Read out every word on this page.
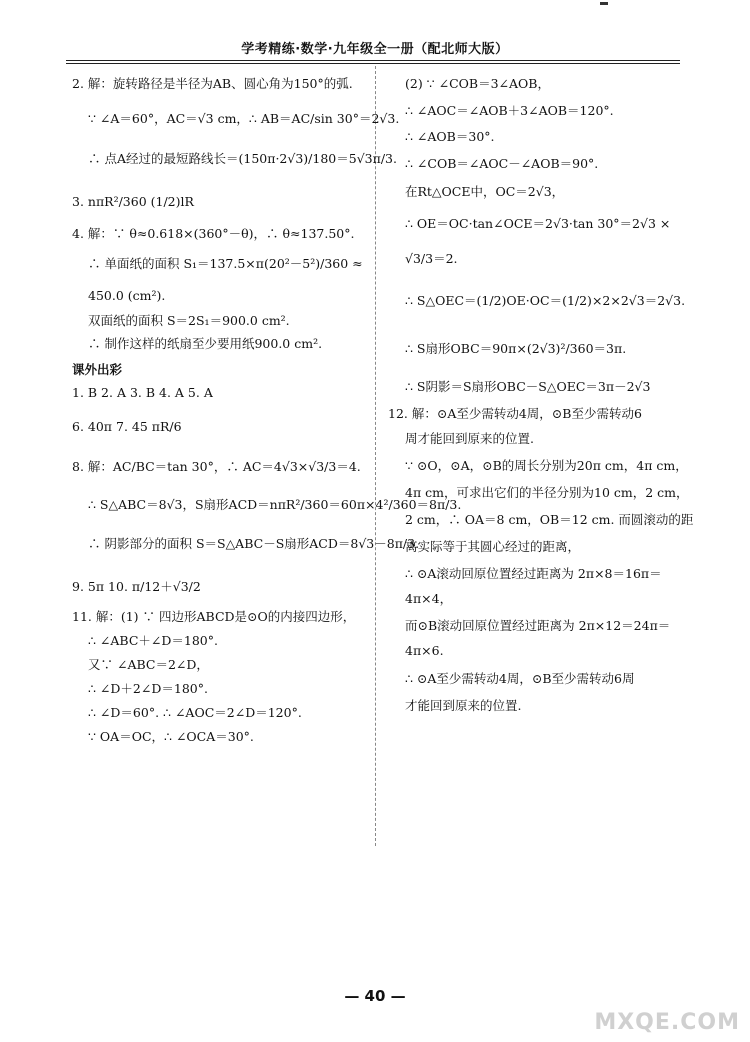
学考精练·数学·九年级全一册（配北师大版）
2. 解：旋转路径是半径为AB、圆心角为150°的弧.
∵ ∠A＝60°，AC＝√3 cm，∴ AB＝AC/sin 30°＝2√3.
∴ 点A经过的最短路线长＝(150π·2√3)/180＝5√3π/3.
3. nπR²/360 (1/2)lR
4. 解：∵ θ≈0.618×(360°－θ)，∴ θ≈137.50°.
∴ 单面纸的面积 S₁＝137.5×π(20²－5²)/360 ≈
450.0 (cm²).
双面纸的面积 S＝2S₁＝900.0 cm².
∴ 制作这样的纸扇至少要用纸900.0 cm².
课外出彩
1. B 2. A 3. B 4. A 5. A
6. 40π 7. 45 πR/6
8. 解：AC/BC＝tan 30°，∴ AC＝4√3×√3/3＝4.
∴ S△ABC＝8√3，S扇形ACD＝nπR²/360＝60π×4²/360＝8π/3.
∴ 阴影部分的面积 S＝S△ABC－S扇形ACD＝8√3－8π/3.
9. 5π 10. π/12＋√3/2
11. 解：(1) ∵ 四边形ABCD是⊙O的内接四边形，
∴ ∠ABC＋∠D＝180°.
又∵ ∠ABC＝2∠D，
∴ ∠D＋2∠D＝180°.
∴ ∠D＝60°. ∴ ∠AOC＝2∠D＝120°.
∵ OA＝OC，∴ ∠OCA＝30°.
(2) ∵ ∠COB＝3∠AOB，
∴ ∠AOC＝∠AOB＋3∠AOB＝120°.
∴ ∠AOB＝30°.
∴ ∠COB＝∠AOC－∠AOB＝90°.
在Rt△OCE中，OC＝2√3，
∴ OE＝OC·tan∠OCE＝2√3·tan 30°＝2√3 ×
√3/3＝2.
∴ S△OEC＝(1/2)OE·OC＝(1/2)×2×2√3＝2√3.
∴ S扇形OBC＝90π×(2√3)²/360＝3π.
∴ S阴影＝S扇形OBC－S△OEC＝3π－2√3
12. 解：⊙A至少需转动4周，⊙B至少需转动6
周才能回到原来的位置.
∵ ⊙O，⊙A，⊙B的周长分别为20π cm，4π cm，
4π cm，可求出它们的半径分别为10 cm，2 cm，
2 cm，∴ OA＝8 cm，OB＝12 cm. 而圆滚动的距
离实际等于其圆心经过的距离，
∴ ⊙A滚动回原位置经过距离为 2π×8＝16π＝
4π×4，
而⊙B滚动回原位置经过距离为 2π×12＝24π＝
4π×6.
∴ ⊙A至少需转动4周，⊙B至少需转动6周
才能回到原来的位置.
— 40 —
MXQE.COM
